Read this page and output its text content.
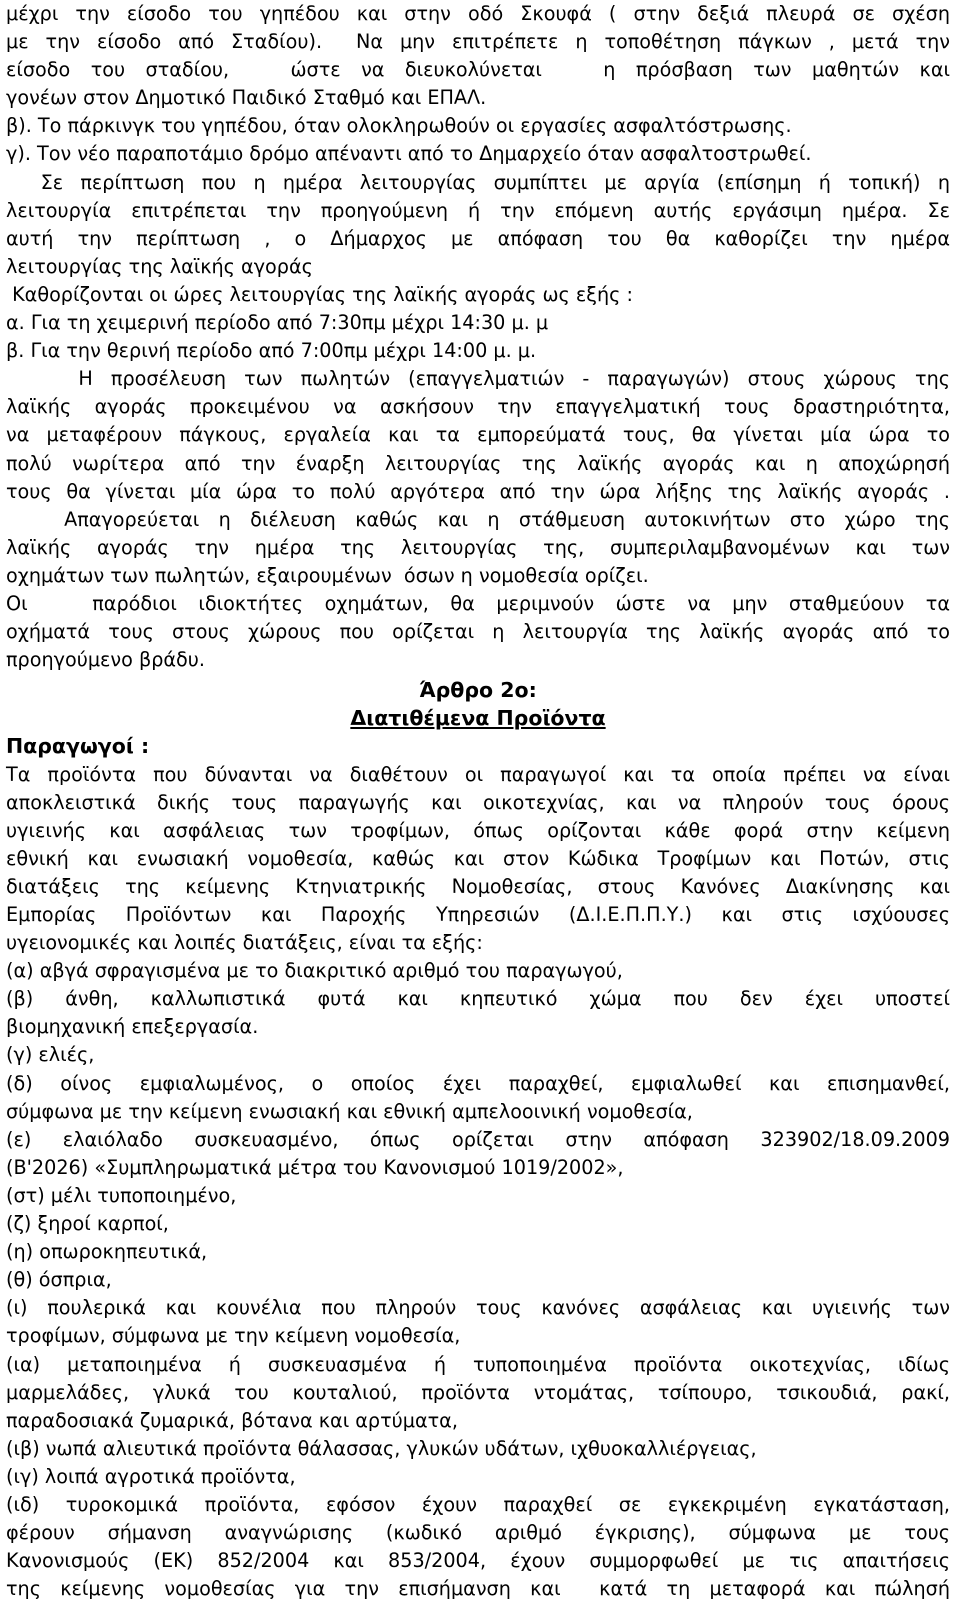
μέχρι την είσοδο του γηπέδου και στην οδό Σκουφά ( στην δεξιά πλευρά σε σχέση
με την είσοδο από Σταδίου).  Να μην επιτρέπετε η τοποθέτηση πάγκων , μετά την
είσοδο του σταδίου,   ώστε να διευκολύνεται   η πρόσβαση των μαθητών και
γονέων στον Δημοτικό Παιδικό Σταθμό και ΕΠΑΛ.
β). Το πάρκινγκ του γηπέδου, όταν ολοκληρωθούν οι εργασίες ασφαλτόστρωσης.
γ). Τον νέο παραποτάμιο δρόμο απέναντι από το Δημαρχείο όταν ασφαλτοστρωθεί.
Σε περίπτωση που η ημέρα λειτουργίας συμπίπτει με αργία (επίσημη ή τοπική) η
λειτουργία επιτρέπεται την προηγούμενη ή την επόμενη αυτής εργάσιμη ημέρα. Σε
αυτή την περίπτωση , ο Δήμαρχος με απόφαση του θα καθορίζει την ημέρα
λειτουργίας της λαϊκής αγοράς
Καθορίζονται οι ώρες λειτουργίας της λαϊκής αγοράς ως εξής :
α. Για τη χειμερινή περίοδο από 7:30πμ μέχρι 14:30 μ. μ
β. Για την θερινή περίοδο από 7:00πμ μέχρι 14:00 μ. μ.
Η προσέλευση των πωλητών (επαγγελματιών - παραγωγών) στους χώρους της
λαϊκής αγοράς προκειμένου να ασκήσουν την επαγγελματική τους δραστηριότητα,
να μεταφέρουν πάγκους, εργαλεία και τα εμπορεύματά τους, θα γίνεται μία ώρα το
πολύ νωρίτερα από την έναρξη λειτουργίας της λαϊκής αγοράς και η αποχώρησή
τους θα γίνεται μία ώρα το πολύ αργότερα από την ώρα λήξης της λαϊκής αγοράς .
Απαγορεύεται η διέλευση καθώς και η στάθμευση αυτοκινήτων στο χώρο της
λαϊκής αγοράς την ημέρα της λειτουργίας της, συμπεριλαμβανομένων και των
οχημάτων των πωλητών, εξαιρουμένων  όσων η νομοθεσία ορίζει.
Οι   παρόδιοι ιδιοκτήτες οχημάτων, θα μεριμνούν ώστε να μην σταθμεύουν τα
οχήματά τους στους χώρους που ορίζεται η λειτουργία της λαϊκής αγοράς από το
προηγούμενο βράδυ.
Άρθρο 2ο:
Διατιθέμενα Προϊόντα
Παραγωγοί :
Τα προϊόντα που δύνανται να διαθέτουν οι παραγωγοί και τα οποία πρέπει να είναι
αποκλειστικά δικής τους παραγωγής και οικοτεχνίας, και να πληρούν τους όρους
υγιεινής και ασφάλειας των τροφίμων, όπως ορίζονται κάθε φορά στην κείμενη
εθνική και ενωσιακή νομοθεσία, καθώς και στον Κώδικα Τροφίμων και Ποτών, στις
διατάξεις της κείμενης Κτηνιατρικής Νομοθεσίας, στους Κανόνες Διακίνησης και
Εμπορίας Προϊόντων και Παροχής Υπηρεσιών (Δ.Ι.Ε.Π.Π.Υ.) και στις ισχύουσες
υγειονομικές και λοιπές διατάξεις, είναι τα εξής:
(α) αβγά σφραγισμένα με το διακριτικό αριθμό του παραγωγού,
(β)  άνθη,  καλλωπιστικά  φυτά  και  κηπευτικό  χώμα  που  δεν  έχει  υποστεί
βιομηχανική επεξεργασία.
(γ) ελιές,
(δ) οίνος εμφιαλωμένος, ο οποίος έχει παραχθεί, εμφιαλωθεί και επισημανθεί,
σύμφωνα με την κείμενη ενωσιακή και εθνική αμπελοοινική νομοθεσία,
(ε) ελαιόλαδο συσκευασμένο, όπως ορίζεται στην απόφαση 323902/18.09.2009
(Β'2026) «Συμπληρωματικά μέτρα του Κανονισμού 1019/2002»,
(στ) μέλι τυποποιημένο,
(ζ) ξηροί καρποί,
(η) οπωροκηπευτικά,
(θ) όσπρια,
(ι) πουλερικά και κουνέλια που πληρούν τους κανόνες ασφάλειας και υγιεινής των
τροφίμων, σύμφωνα με την κείμενη νομοθεσία,
(ια) μεταποιημένα ή συσκευασμένα ή τυποποιημένα προϊόντα οικοτεχνίας, ιδίως
μαρμελάδες, γλυκά του κουταλιού, προϊόντα ντομάτας, τσίπουρο, τσικουδιά, ρακί,
παραδοσιακά ζυμαρικά, βότανα και αρτύματα,
(ιβ) νωπά αλιευτικά προϊόντα θάλασσας, γλυκών υδάτων, ιχθυοκαλλιέργειας,
(ιγ) λοιπά αγροτικά προϊόντα,
(ιδ) τυροκομικά προϊόντα, εφόσον έχουν παραχθεί σε εγκεκριμένη εγκατάσταση,
φέρουν σήμανση αναγνώρισης (κωδικό αριθμό έγκρισης), σύμφωνα με τους
Κανονισμούς (ΕΚ) 852/2004 και 853/2004, έχουν συμμορφωθεί με τις απαιτήσεις
της κείμενης νομοθεσίας για την επισήμανση και  κατά τη μεταφορά και πώλησή
